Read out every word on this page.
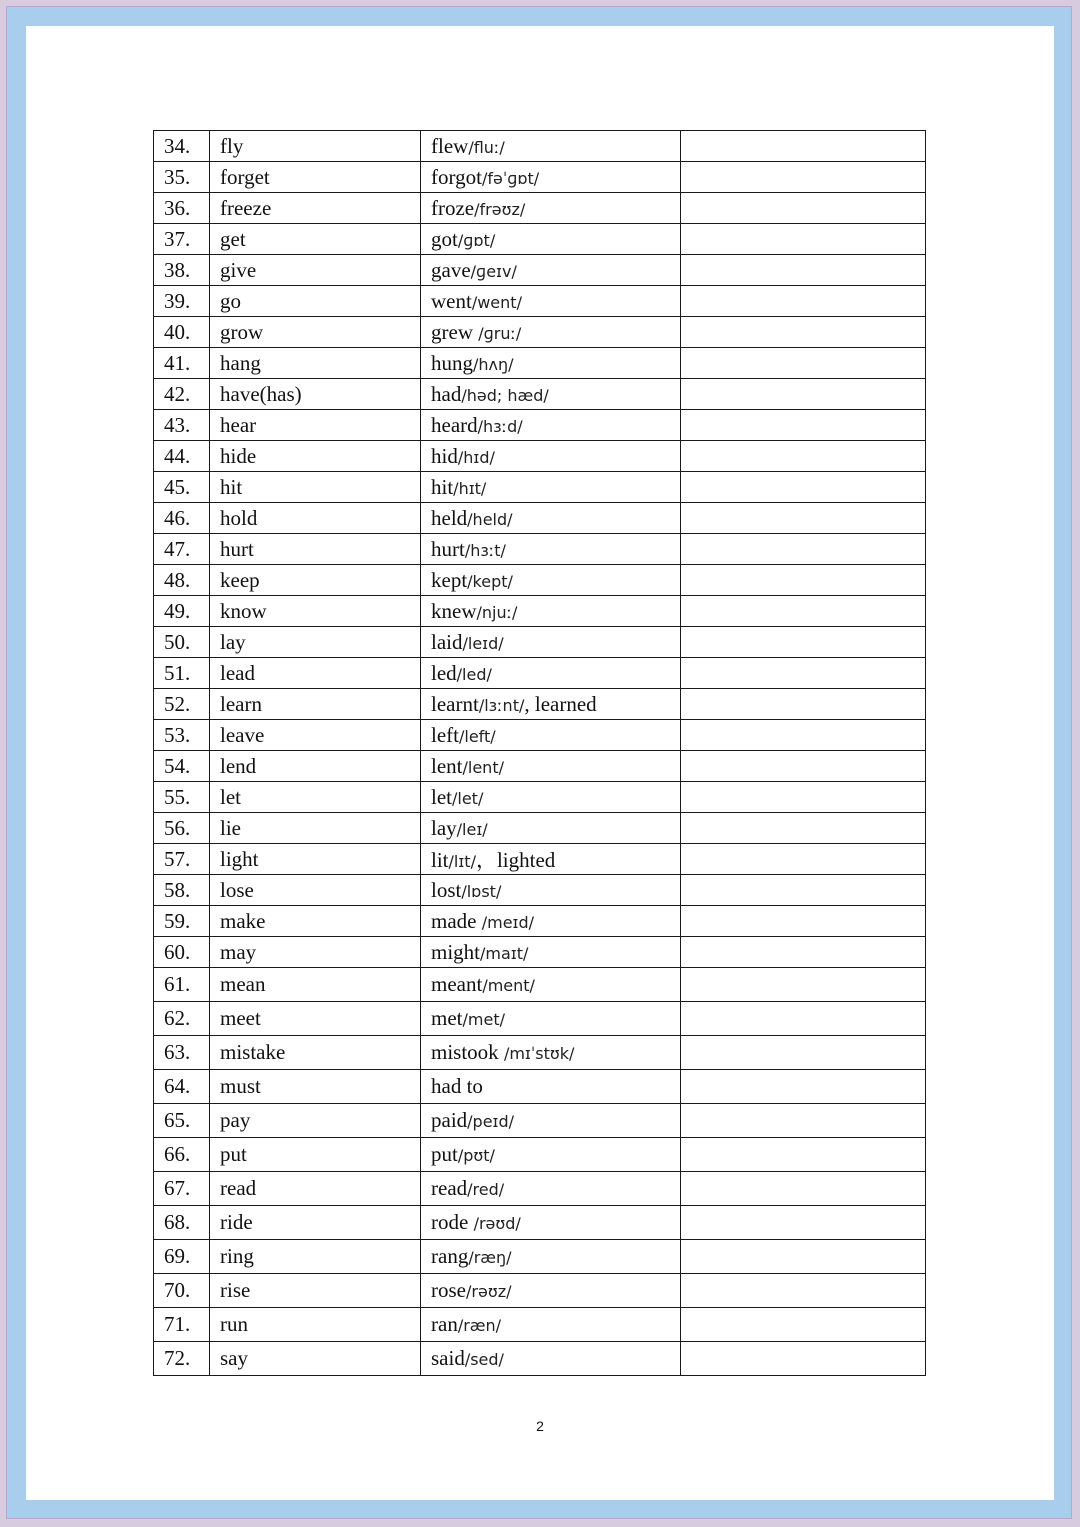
34.	fly	flew/fluː/	
35.	forget	forgot/fəˈɡɒt/	
36.	freeze	froze/frəʊz/	
37.	get	got/ɡɒt/	
38.	give	gave/ɡeɪv/	
39.	go	went/went/	
40.	grow	grew /ɡruː/	
41.	hang	hung/hʌŋ/	
42.	have(has)	had/həd; hæd/	
43.	hear	heard/hɜːd/	
44.	hide	hid/hɪd/	
45.	hit	hit/hɪt/	
46.	hold	held/held/	
47.	hurt	hurt/hɜːt/	
48.	keep	kept/kept/	
49.	know	knew/njuː/	
50.	lay	laid/leɪd/	
51.	lead	led/led/	
52.	learn	learnt/lɜːnt/, learned	
53.	leave	left/left/	
54.	lend	lent/lent/	
55.	let	let/let/	
56.	lie	lay/leɪ/	
57.	light	lit/lɪt/，lighted	
58.	lose	lost/lɒst/	
59.	make	made /meɪd/	
60.	may	might/maɪt/	
61.	mean	meant/ment/	
62.	meet	met/met/	
63.	mistake	mistook /mɪˈstʊk/	
64.	must	had to	
65.	pay	paid/peɪd/	
66.	put	put/pʊt/	
67.	read	read/red/	
68.	ride	rode /rəʊd/	
69.	ring	rang/ræŋ/	
70.	rise	rose/rəʊz/	
71.	run	ran/ræn/	
72.	say	said/sed/	
2
